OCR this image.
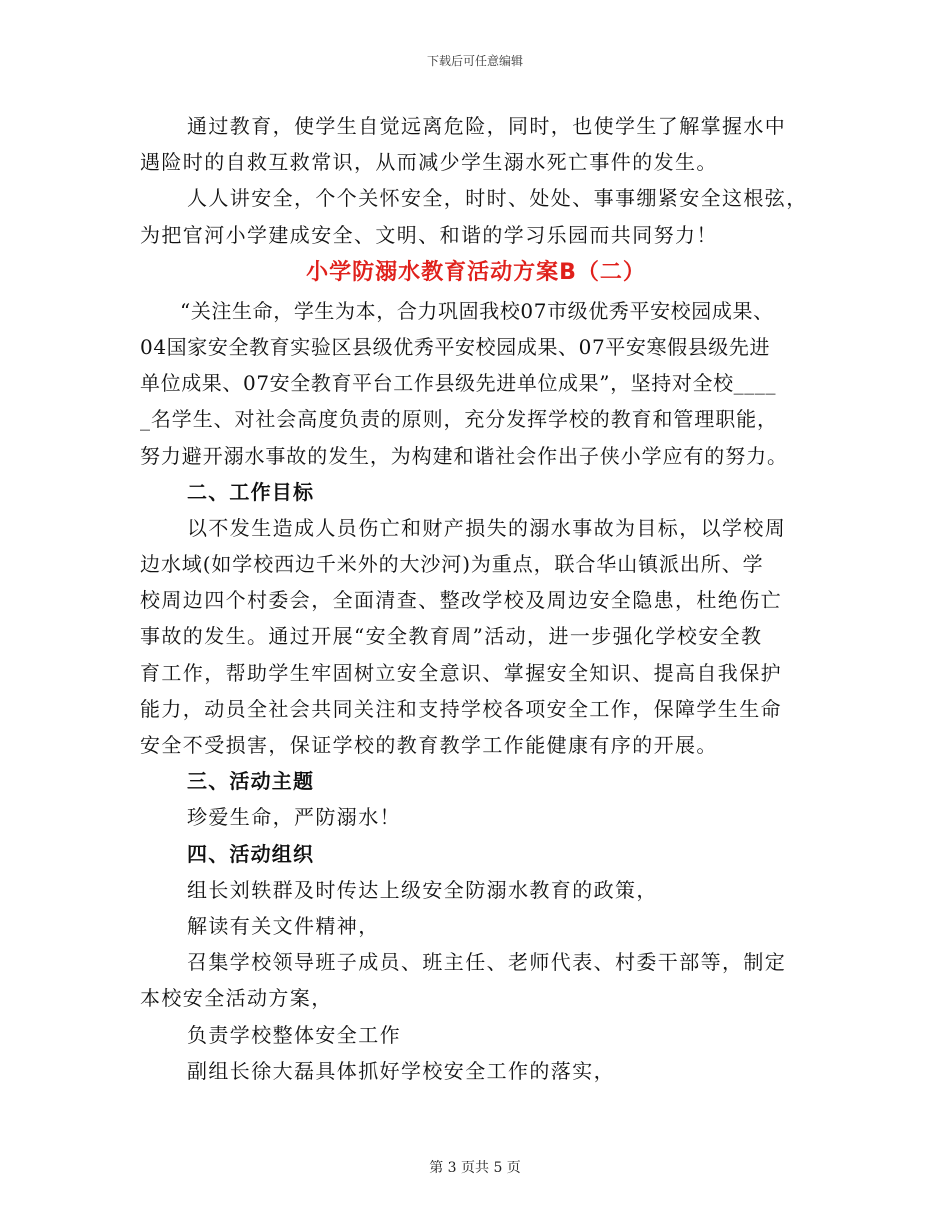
下载后可任意编辑
通过教育，使学生自觉远离危险，同时，也使学生了解掌握水中
遇险时的自救互救常识，从而减少学生溺水死亡事件的发生。
人人讲安全，个个关怀安全，时时、处处、事事绷紧安全这根弦，
为把官河小学建成安全、文明、和谐的学习乐园而共同努力！
小学防溺水教育活动方案B（二）
“关注生命，学生为本，合力巩固我校07市级优秀平安校园成果、
04国家安全教育实验区县级优秀平安校园成果、07平安寒假县级先进
单位成果、07安全教育平台工作县级先进单位成果”，坚持对全校____
_名学生、对社会高度负责的原则，充分发挥学校的教育和管理职能，
努力避开溺水事故的发生，为构建和谐社会作出子侠小学应有的努力。
二、工作目标
以不发生造成人员伤亡和财产损失的溺水事故为目标，以学校周
边水域(如学校西边千米外的大沙河)为重点，联合华山镇派出所、学
校周边四个村委会，全面清查、整改学校及周边安全隐患，杜绝伤亡
事故的发生。通过开展“安全教育周”活动，进一步强化学校安全教
育工作，帮助学生牢固树立安全意识、掌握安全知识、提高自我保护
能力，动员全社会共同关注和支持学校各项安全工作，保障学生生命
安全不受损害，保证学校的教育教学工作能健康有序的开展。
三、活动主题
珍爱生命，严防溺水！
四、活动组织
组长刘轶群及时传达上级安全防溺水教育的政策，
解读有关文件精神，
召集学校领导班子成员、班主任、老师代表、村委干部等，制定
本校安全活动方案，
负责学校整体安全工作
副组长徐大磊具体抓好学校安全工作的落实，
第 3 页共 5 页
